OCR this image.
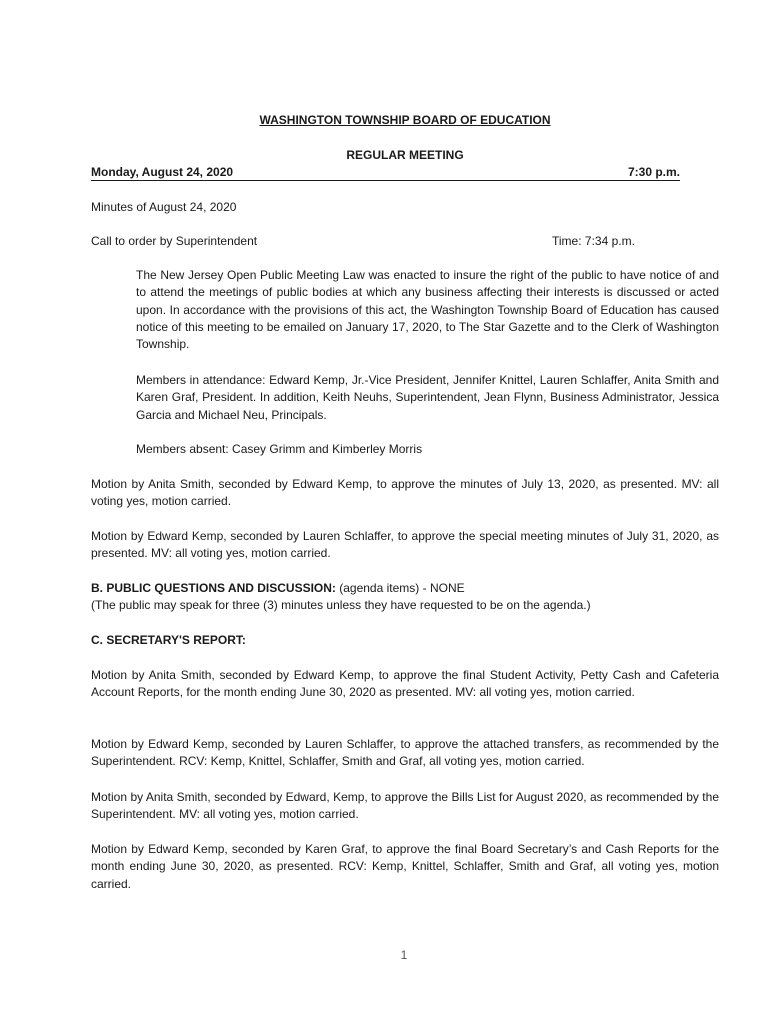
WASHINGTON TOWNSHIP BOARD OF EDUCATION
REGULAR MEETING
Monday, August 24, 2020	7:30 p.m.
Minutes of August 24, 2020
Call to order by Superintendent	Time: 7:34 p.m.
The New Jersey Open Public Meeting Law was enacted to insure the right of the public to have notice of and to attend the meetings of public bodies at which any business affecting their interests is discussed or acted upon. In accordance with the provisions of this act, the Washington Township Board of Education has caused notice of this meeting to be emailed on January 17, 2020, to The Star Gazette and to the Clerk of Washington Township.
Members in attendance: Edward Kemp, Jr.-Vice President, Jennifer Knittel, Lauren Schlaffer, Anita Smith and Karen Graf, President. In addition, Keith Neuhs, Superintendent, Jean Flynn, Business Administrator, Jessica Garcia and Michael Neu, Principals.
Members absent: Casey Grimm and Kimberley Morris
Motion by Anita Smith, seconded by Edward Kemp, to approve the minutes of July 13, 2020, as presented. MV: all voting yes, motion carried.
Motion by Edward Kemp, seconded by Lauren Schlaffer, to approve the special meeting minutes of July 31, 2020, as presented. MV: all voting yes, motion carried.
B. PUBLIC QUESTIONS AND DISCUSSION: (agenda items) - NONE
(The public may speak for three (3) minutes unless they have requested to be on the agenda.)
C. SECRETARY'S REPORT:
Motion by Anita Smith, seconded by Edward Kemp, to approve the final Student Activity, Petty Cash and Cafeteria Account Reports, for the month ending June 30, 2020 as presented. MV: all voting yes, motion carried.
Motion by Edward Kemp, seconded by Lauren Schlaffer, to approve the attached transfers, as recommended by the Superintendent. RCV: Kemp, Knittel, Schlaffer, Smith and Graf, all voting yes, motion carried.
Motion by Anita Smith, seconded by Edward, Kemp, to approve the Bills List for August 2020, as recommended by the Superintendent. MV: all voting yes, motion carried.
Motion by Edward Kemp, seconded by Karen Graf, to approve the final Board Secretary’s and Cash Reports for the month ending June 30, 2020, as presented. RCV: Kemp, Knittel, Schlaffer, Smith and Graf, all voting yes, motion carried.
1
